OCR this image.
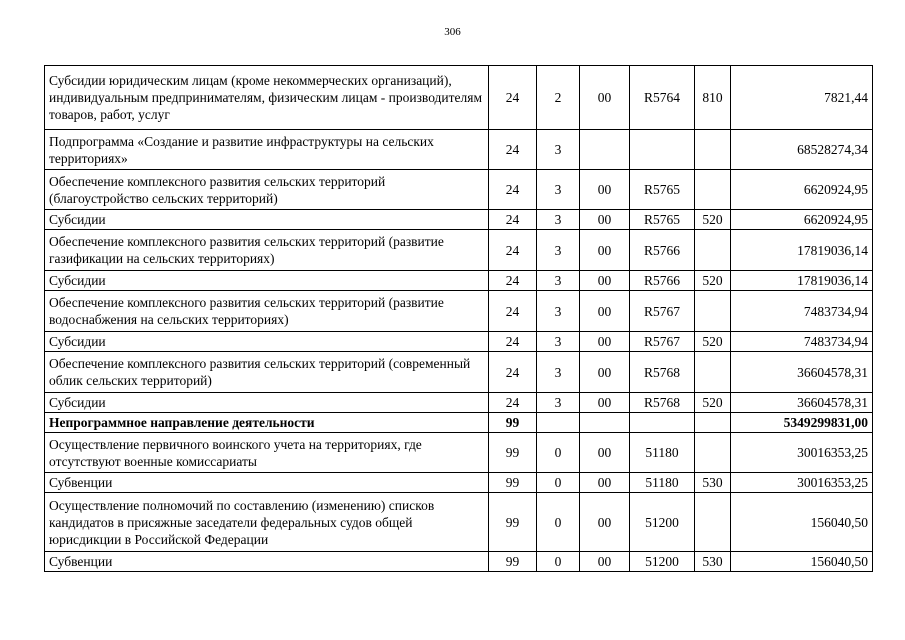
306
Субсидии юридическим лицам (кроме некоммерческих организаций), индивидуальным предпринимателям, физическим лицам - производителям товаров, работ, услуг	24	2	00	R5764	810	7821,44
Подпрограмма «Создание и развитие инфраструктуры на сельских территориях»	24	3				68528274,34
Обеспечение комплексного развития сельских территорий (благоустройство сельских территорий)	24	3	00	R5765		6620924,95
Субсидии	24	3	00	R5765	520	6620924,95
Обеспечение комплексного развития сельских территорий (развитие газификации на сельских территориях)	24	3	00	R5766		17819036,14
Субсидии	24	3	00	R5766	520	17819036,14
Обеспечение комплексного развития сельских территорий (развитие водоснабжения на сельских территориях)	24	3	00	R5767		7483734,94
Субсидии	24	3	00	R5767	520	7483734,94
Обеспечение комплексного развития сельских территорий (современный облик сельских территорий)	24	3	00	R5768		36604578,31
Субсидии	24	3	00	R5768	520	36604578,31
Непрограммное направление деятельности	99					5349299831,00
Осуществление первичного воинского учета на территориях, где отсутствуют военные комиссариаты	99	0	00	51180		30016353,25
Субвенции	99	0	00	51180	530	30016353,25
Осуществление полномочий по составлению (изменению) списков кандидатов в присяжные заседатели федеральных судов общей юрисдикции в Российской Федерации	99	0	00	51200		156040,50
Субвенции	99	0	00	51200	530	156040,50
